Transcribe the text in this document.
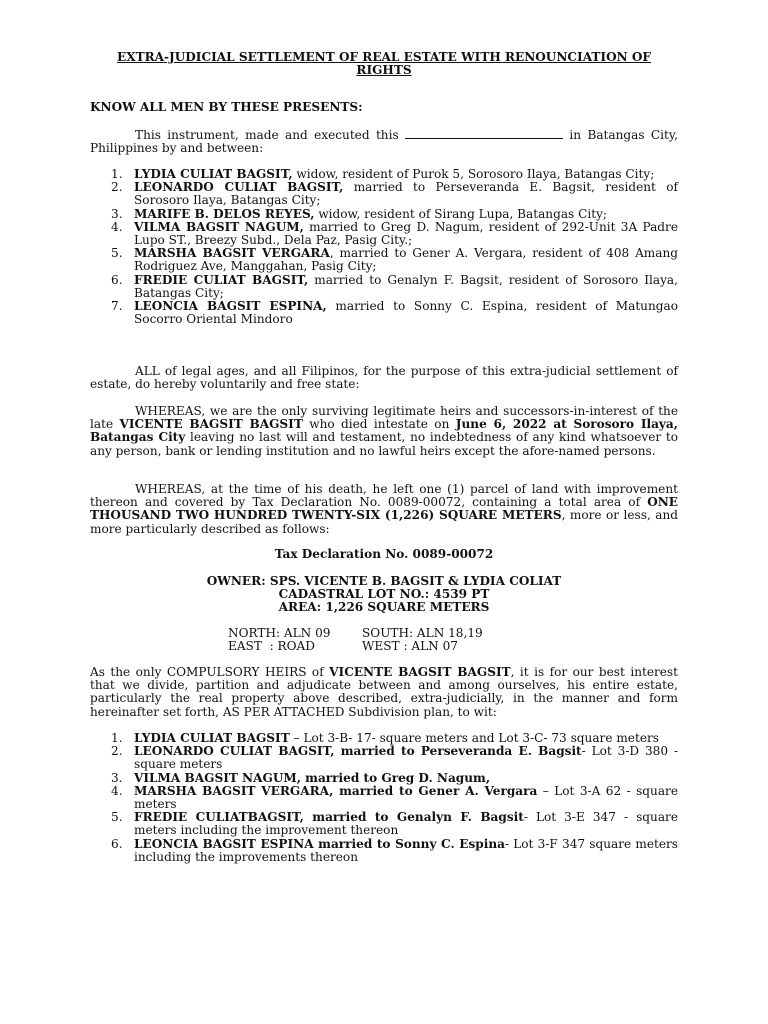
EXTRA-JUDICIAL SETTLEMENT OF REAL ESTATE WITH RENOUNCIATION OF RIGHTS
KNOW ALL MEN BY THESE PRESENTS:
This instrument, made and executed this	in Batangas City, Philippines by and between:
1. LYDIA CULIAT BAGSIT, widow, resident of Purok 5, Sorosoro Ilaya, Batangas City;
2. LEONARDO CULIAT BAGSIT, married to Perseveranda E. Bagsit, resident of Sorosoro Ilaya, Batangas City;
3. MARIFE B. DELOS REYES, widow, resident of Sirang Lupa, Batangas City;
4. VILMA BAGSIT NAGUM, married to Greg D. Nagum, resident of 292-Unit 3A Padre Lupo ST., Breezy Subd., Dela Paz, Pasig City.;
5. MARSHA BAGSIT VERGARA, married to Gener A. Vergara, resident of 408 Amang Rodriguez Ave, Manggahan, Pasig City;
6. FREDIE CULIAT BAGSIT, married to Genalyn F. Bagsit, resident of Sorosoro Ilaya, Batangas City;
7. LEONCIA BAGSIT ESPINA, married to Sonny C. Espina, resident of Matungao Socorro Oriental Mindoro
ALL of legal ages, and all Filipinos, for the purpose of this extra-judicial settlement of estate, do hereby voluntarily and free state:
WHEREAS, we are the only surviving legitimate heirs and successors-in-interest of the late VICENTE BAGSIT BAGSIT who died intestate on June 6, 2022 at Sorosoro Ilaya, Batangas City leaving no last will and testament, no indebtedness of any kind whatsoever to any person, bank or lending institution and no lawful heirs except the afore-named persons.
WHEREAS, at the time of his death, he left one (1) parcel of land with improvement thereon and covered by Tax Declaration No. 0089-00072, containing a total area of ONE THOUSAND TWO HUNDRED TWENTY-SIX (1,226) SQUARE METERS, more or less, and more particularly described as follows:
Tax Declaration No. 0089-00072
OWNER: SPS. VICENTE B. BAGSIT & LYDIA COLIAT
CADASTRAL LOT NO.: 4539 PT
AREA: 1,226 SQUARE METERS
NORTH: ALN 09	SOUTH: ALN 18,19
EAST  : ROAD	WEST : ALN 07
As the only COMPULSORY HEIRS of VICENTE BAGSIT BAGSIT, it is for our best interest that we divide, partition and adjudicate between and among ourselves, his entire estate, particularly the real property above described, extra-judicially, in the manner and form hereinafter set forth, AS PER ATTACHED Subdivision plan, to wit:
1. LYDIA CULIAT BAGSIT – Lot 3-B- 17- square meters and Lot 3-C- 73 square meters
2. LEONARDO CULIAT BAGSIT, married to Perseveranda E. Bagsit- Lot 3-D 380 - square meters
3. VILMA BAGSIT NAGUM, married to Greg D. Nagum,
4. MARSHA BAGSIT VERGARA, married to Gener A. Vergara – Lot 3-A 62 - square meters
5. FREDIE CULIATBAGSIT, married to Genalyn F. Bagsit- Lot 3-E 347 - square meters including the improvement thereon
6. LEONCIA BAGSIT ESPINA married to Sonny C. Espina- Lot 3-F 347 square meters including the improvements thereon
